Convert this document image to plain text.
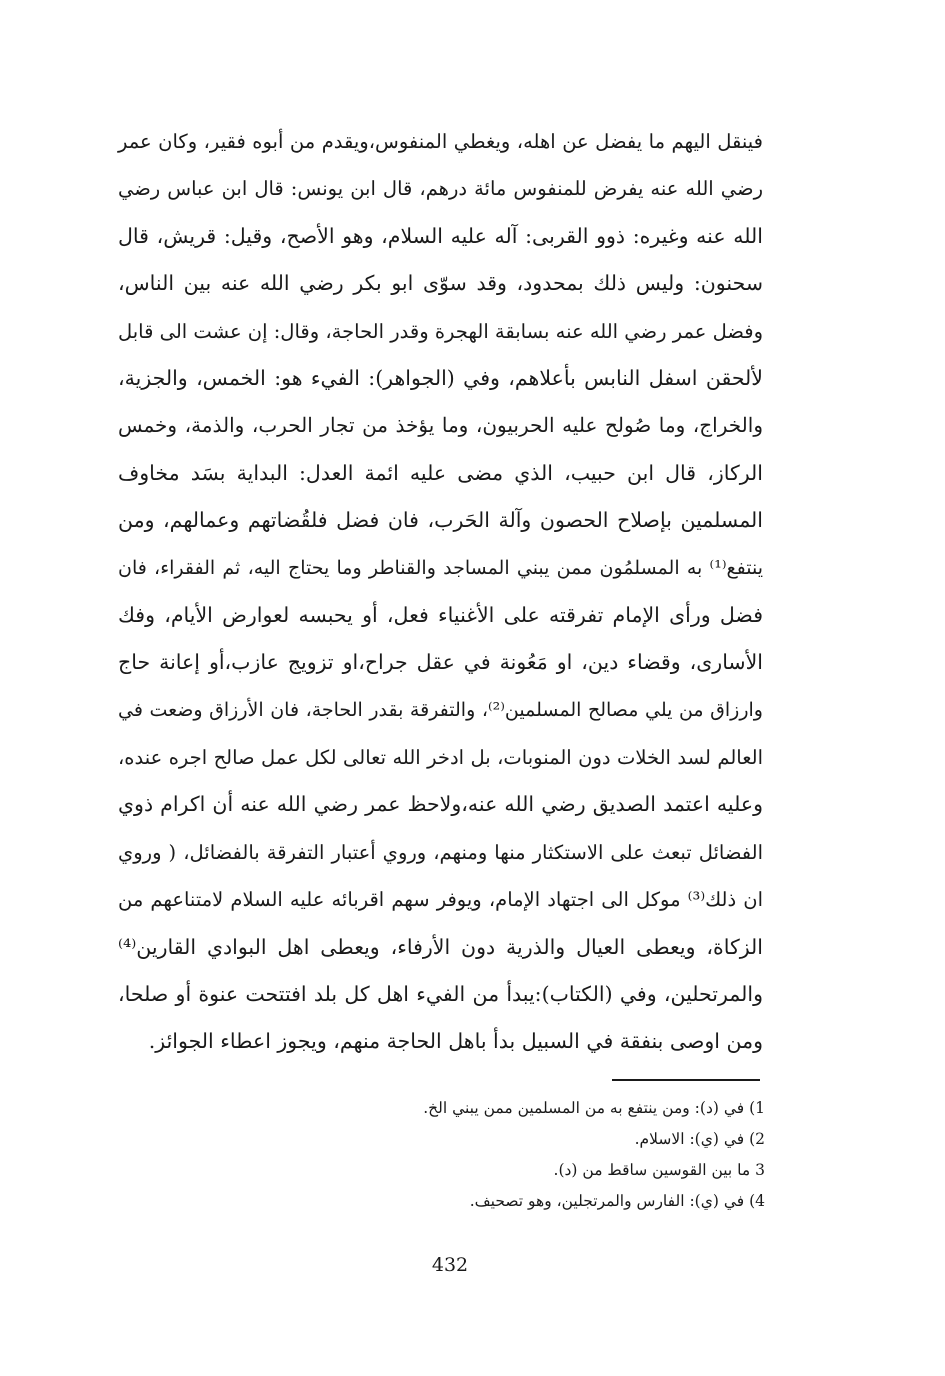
فينقل اليهم ما يفضل عن اهله، ويغطي المنفوس،ويقدم من أبوه فقير، وكان عمر
رضي الله عنه يفرض للمنفوس مائة درهم، قال ابن يونس: قال ابن عباس رضي
الله عنه وغيره: ذوو القربى: آله عليه السلام، وهو الأصح، وقيل: قريش، قال
سحنون: وليس ذلك بمحدود، وقد سوّى ابو بكر رضي الله عنه بين الناس،
وفضل عمر رضي الله عنه بسابقة الهجرة وقدر الحاجة، وقال: إن عشت الى قابل
لألحقن اسفل النابس بأعلاهم، وفي (الجواهر): الفيء هو: الخمس، والجزية،
والخراج، وما صُولح عليه الحربيون، وما يؤخذ من تجار الحرب، والذمة، وخمس
الركاز، قال ابن حبيب، الذي مضى عليه ائمة العدل: البداية بسَد مخاوف
المسلمين بإصلاح الحصون وآلة الحَرب، فان فضل فلقُضاتهم وعمالهم، ومن
ينتفع⁽¹⁾ به المسلمُون ممن يبني المساجد والقناطر وما يحتاج اليه، ثم الفقراء، فان
فضل ورأى الإمام تفرقته على الأغنياء فعل، أو يحبسه لعوارض الأيام، وفك
الأسارى، وقضاء دين، او مَعُونة في عقل جراح،او تزويج عازب،أو إعانة حاج
وارزاق من يلي مصالح المسلمين⁽²⁾، والتفرقة بقدر الحاجة، فان الأرزاق وضعت في
العالم لسد الخلات دون المنوبات، بل ادخر الله تعالى لكل عمل صالح اجره عنده،
وعليه اعتمد الصديق رضي الله عنه،ولاحظ عمر رضي الله عنه أن اكرام ذوي
الفضائل تبعث على الاستكثار منها ومنهم، وروي أعتبار التفرقة بالفضائل، ( وروي
ان ذلك⁽³⁾ موكل الى اجتهاد الإمام، ويوفر سهم اقربائه عليه السلام لامتناعهم من
الزكاة، ويعطى العيال والذرية دون الأرفاء، ويعطى اهل البوادي القارين⁽⁴⁾
والمرتحلين، وفي (الكتاب):يبدأ من الفيء اهل كل بلد افتتحت عنوة أو صلحا،
ومن اوصى بنفقة في السبيل بدأ باهل الحاجة منهم، ويجوز اعطاء الجوائز.
1) في (د): ومن ينتفع به من المسلمين ممن يبني الخ.
2) في (ي): الاسلام.
3 ما بين القوسين ساقط من (د).
4) في (ي): الفارس والمرتجلين، وهو تصحيف.
432
